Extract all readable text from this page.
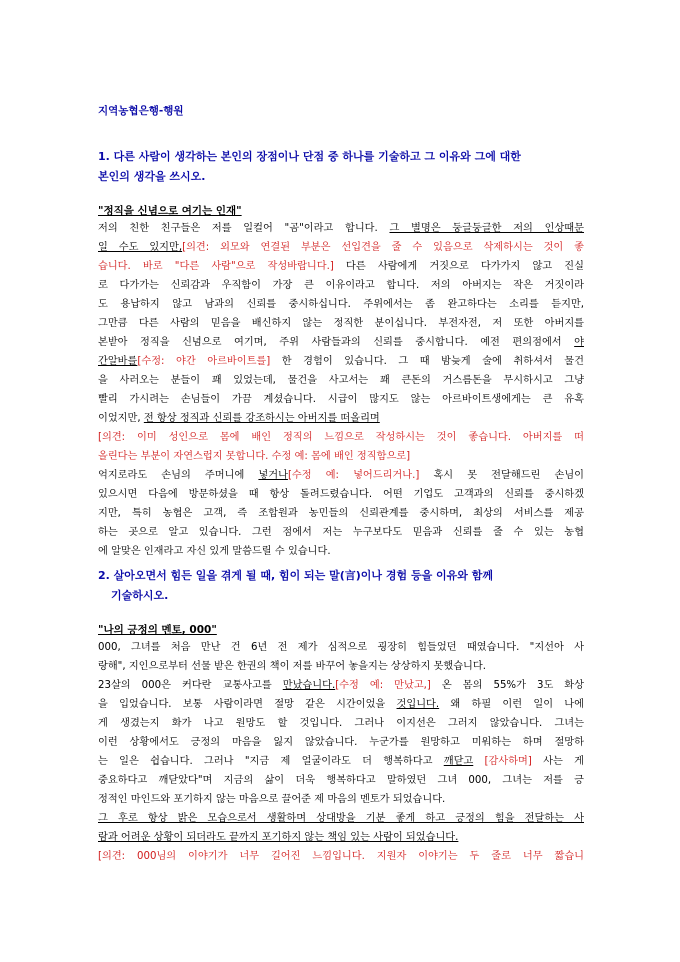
지역농협은행-행원
1. 다른 사람이 생각하는 본인의 장점이나 단점 중 하나를 기술하고 그 이유와 그에 대한
본인의 생각을 쓰시오.
"정직을 신념으로 여기는 인재"
저의 친한 친구들은 저를 일컬어 "곰"이라고 합니다. 그 별명은 둥글둥글한 저의 인상때문
일 수도 있지만,[의견: 외모와 연결된 부분은 선입견을 줄 수 있음으로 삭제하시는 것이 좋
습니다. 바로 "다른 사람"으로 작성바랍니다.] 다른 사람에게 거짓으로 다가가지 않고 진실
로 다가가는 신뢰감과 우직함이 가장 큰 이유이라고 합니다. 저의 아버지는 작은 거짓이라
도 용납하지 않고 남과의 신뢰를 중시하십니다. 주위에서는 좀 완고하다는 소리를 듣지만,
그만큼 다른 사람의 믿음을 배신하지 않는 정직한 분이십니다. 부전자전, 저 또한 아버지를
본받아 정직을 신념으로 여기며, 주위 사람들과의 신뢰를 중시합니다. 예전 편의점에서 야
간알바를[수정: 야간 아르바이트를] 한 경험이 있습니다. 그 때 밤늦게 술에 취하셔서 물건
을 사러오는 분들이 꽤 있었는데, 물건을 사고서는 꽤 큰돈의 거스름돈을 무시하시고 그냥
빨리 가시려는 손님들이 가끔 계셨습니다. 시급이 많지도 않는 아르바이트생에게는 큰 유혹
이었지만, 전 항상 정직과 신뢰를 강조하시는 아버지를 떠올리며
[의견: 이미 성인으로 몸에 배인 정직의 느낌으로 작성하시는 것이 좋습니다. 아버지를 떠
올린다는 부분이 자연스럽지 못합니다. 수정 예: 몸에 배인 정직함으로]
억지로라도 손님의 주머니에 넣거나[수정 예: 넣어드리거나.] 혹시 못 전달해드린 손님이
있으시면 다음에 방문하셨을 때 항상 돌려드렸습니다. 어떤 기업도 고객과의 신뢰를 중시하겠
지만, 특히 농협은 고객, 즉 조합원과 농민들의 신뢰관계를 중시하며, 최상의 서비스를 제공
하는 곳으로 알고 있습니다. 그런 점에서 저는 누구보다도 믿음과 신뢰를 줄 수 있는 농협
에 알맞은 인재라고 자신 있게 말씀드릴 수 있습니다.
2. 살아오면서 힘든 일을 겪게 될 때, 힘이 되는 말(言)이나 경험 등을 이유와 함께
기술하시오.
"나의 긍정의 멘토, 000"
000, 그녀를 처음 만난 건 6년 전 제가 심적으로 굉장히 힘들었던 때였습니다. "지선아 사
랑해", 지인으로부터 선물 받은 한권의 책이 저를 바꾸어 놓을지는 상상하지 못했습니다.
23살의 000은 커다란 교통사고를 만났습니다.[수정 예: 만났고,] 온 몸의 55%가 3도 화상
을 입었습니다. 보통 사람이라면 절망 같은 시간이었을 것입니다. 왜 하필 이런 일이 나에
게 생겼는지 화가 나고 원망도 할 것입니다. 그러나 이지선은 그러지 않았습니다. 그녀는
이런 상황에서도 긍정의 마음을 잃지 않았습니다. 누군가를 원망하고 미워하는 하며 절망하
는 일은 쉽습니다. 그러나 "지금 제 얼굴이라도 더 행복하다고 깨닫고 [감사하며] 사는 게
중요하다고 깨닫았다"며 지금의 삶이 더욱 행복하다고 말하였던 그녀 000, 그녀는 저를 긍
정적인 마인드와 포기하지 않는 마음으로 끌어준 제 마음의 멘토가 되었습니다.
그 후로 항상 밝은 모습으로서 생활하며 상대방을 기분 좋게 하고 긍정의 힘을 전달하는 사
람과 어려운 상황이 되더라도 끝까지 포기하지 않는 책임 있는 사람이 되었습니다.
[의견: 000님의 이야기가 너무 길어진 느낌입니다. 지원자 이야기는 두 줄로 너무 짧습니
